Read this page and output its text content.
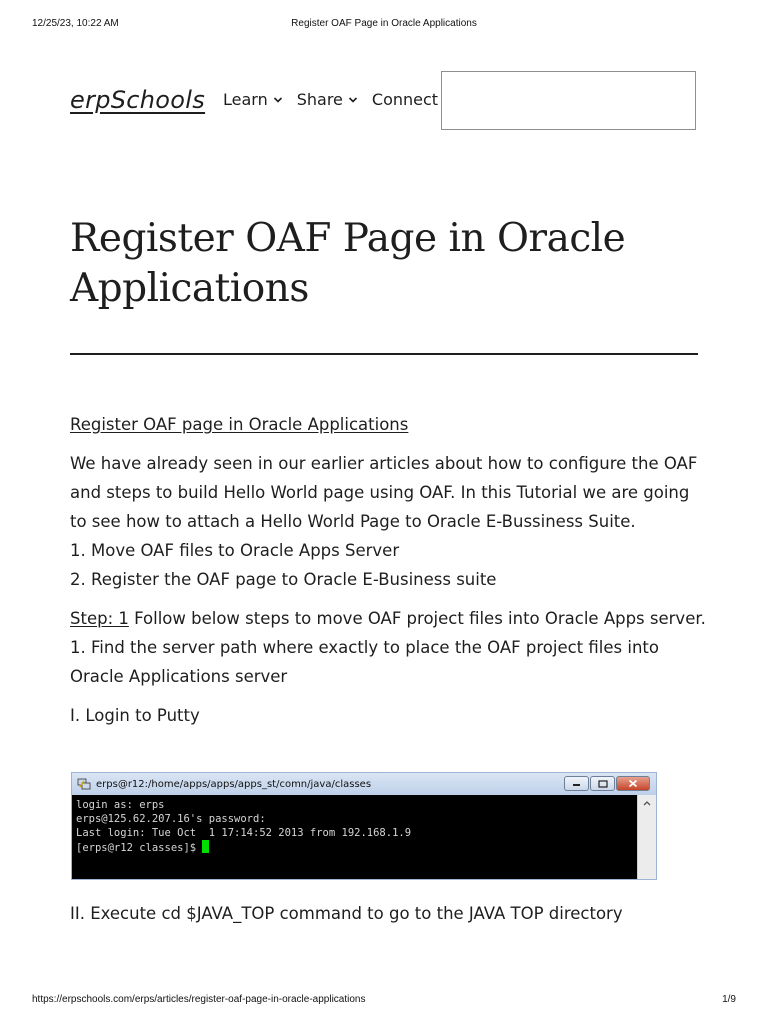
12/25/23, 10:22 AM	Register OAF Page in Oracle Applications
erpSchools Learn Share Connect
Register OAF Page in Oracle Applications

Register OAF page in Oracle Applications

We have already seen in our earlier articles about how to configure the OAF and steps to build Hello World page using OAF. In this Tutorial we are going to see how to attach a Hello World Page to Oracle E-Bussiness Suite.

1. Move OAF files to Oracle Apps Server

2. Register the OAF page to Oracle E-Business suite

Step: 1 Follow below steps to move OAF project files into Oracle Apps server.

1. Find the server path where exactly to place the OAF project files into Oracle Applications server

I. Login to Putty

erps@r12:/home/apps/apps/apps_st/comn/java/classes
login as: erps
erps@125.62.207.16's password:
Last login: Tue Oct  1 17:14:52 2013 from 192.168.1.9
[erps@r12 classes]$

II. Execute cd $JAVA_TOP command to go to the JAVA TOP directory

https://erpschools.com/erps/articles/register-oaf-page-in-oracle-applications	1/9
